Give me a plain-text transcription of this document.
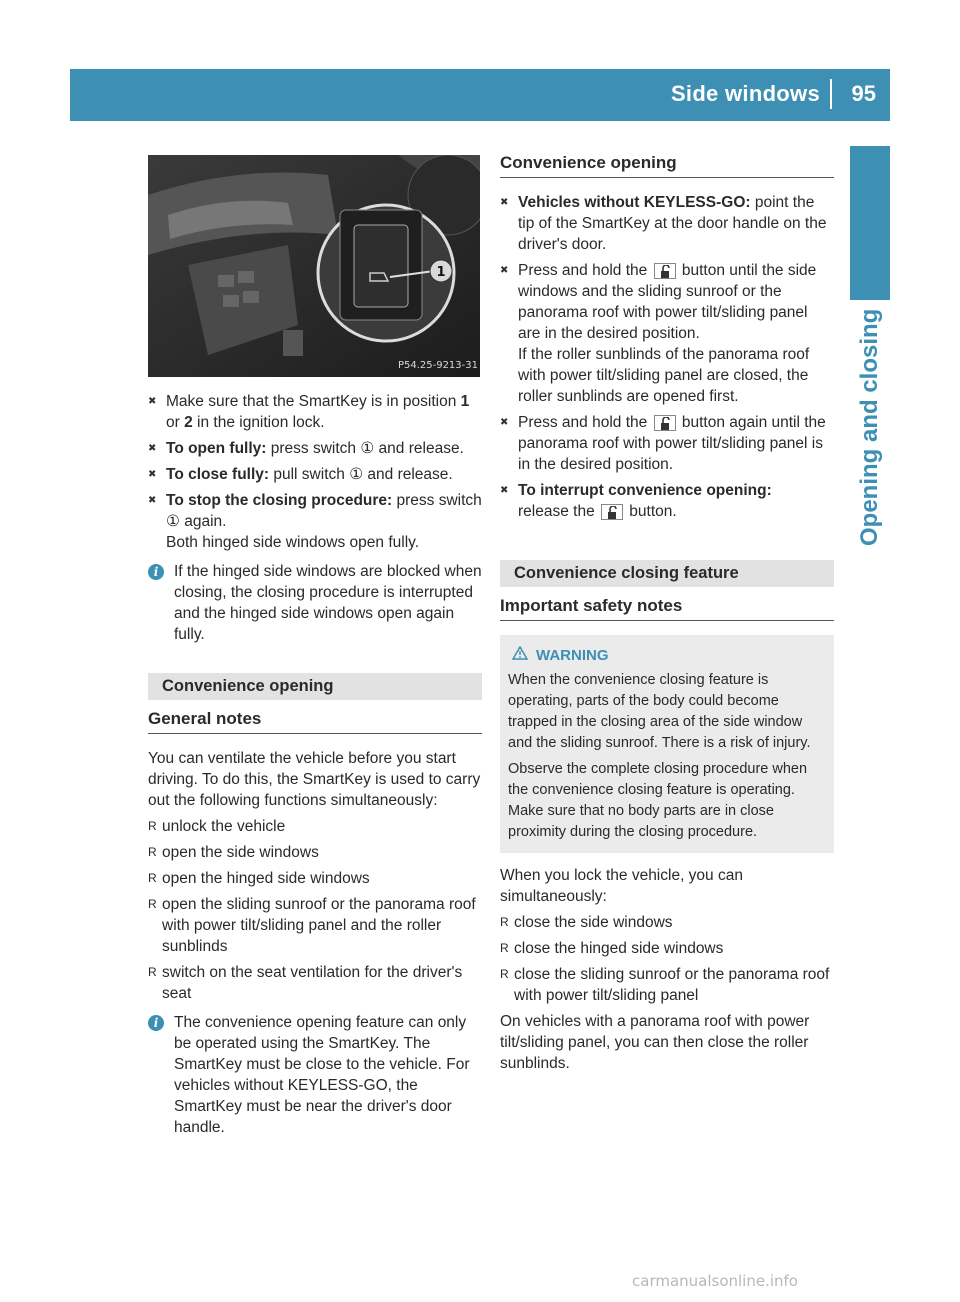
Side windows 95
Opening and closing
1
P54.25-9213-31
✖ Make sure that the SmartKey is in position 1 or 2 in the ignition lock.
✖ To open fully: press switch ① and release.
✖ To close fully: pull switch ① and release.
✖ To stop the closing procedure: press switch ① again.
Both hinged side windows open fully.
i	If the hinged side windows are blocked when closing, the closing procedure is interrupted and the hinged side windows open again fully.
Convenience opening
General notes

You can ventilate the vehicle before you start driving. To do this, the SmartKey is used to carry out the following functions simultaneously:

R unlock the vehicle
R open the side windows
R open the hinged side windows
R open the sliding sunroof or the panorama roof with power tilt/sliding panel and the roller sunblinds
R switch on the seat ventilation for the driver's seat
i	The convenience opening feature can only be operated using the SmartKey. The SmartKey must be close to the vehicle. For vehicles without KEYLESS-GO, the SmartKey must be near the driver's door handle.
Convenience opening
✖ Vehicles without KEYLESS-GO: point the tip of the SmartKey at the door handle on the driver's door.
✖ Press and hold the
button until the side windows and the sliding sunroof or the panorama roof with power tilt/sliding panel are in the desired position.
If the roller sunblinds of the panorama roof with power tilt/sliding panel are closed, the roller sunblinds are opened first.
✖ Press and hold the
button again until the panorama roof with power tilt/sliding panel is in the desired position.
✖ To interrupt convenience opening:
release the
button.
Convenience closing feature
Important safety notes
WARNING

When the convenience closing feature is operating, parts of the body could become trapped in the closing area of the side window and the sliding sunroof. There is a risk of injury.

Observe the complete closing procedure when the convenience closing feature is operating. Make sure that no body parts are in close proximity during the closing procedure.

When you lock the vehicle, you can simultaneously:

R close the side windows
R close the hinged side windows
R close the sliding sunroof or the panorama roof with power tilt/sliding panel

On vehicles with a panorama roof with power tilt/sliding panel, you can then close the roller sunblinds.

carmanualsonline.info
